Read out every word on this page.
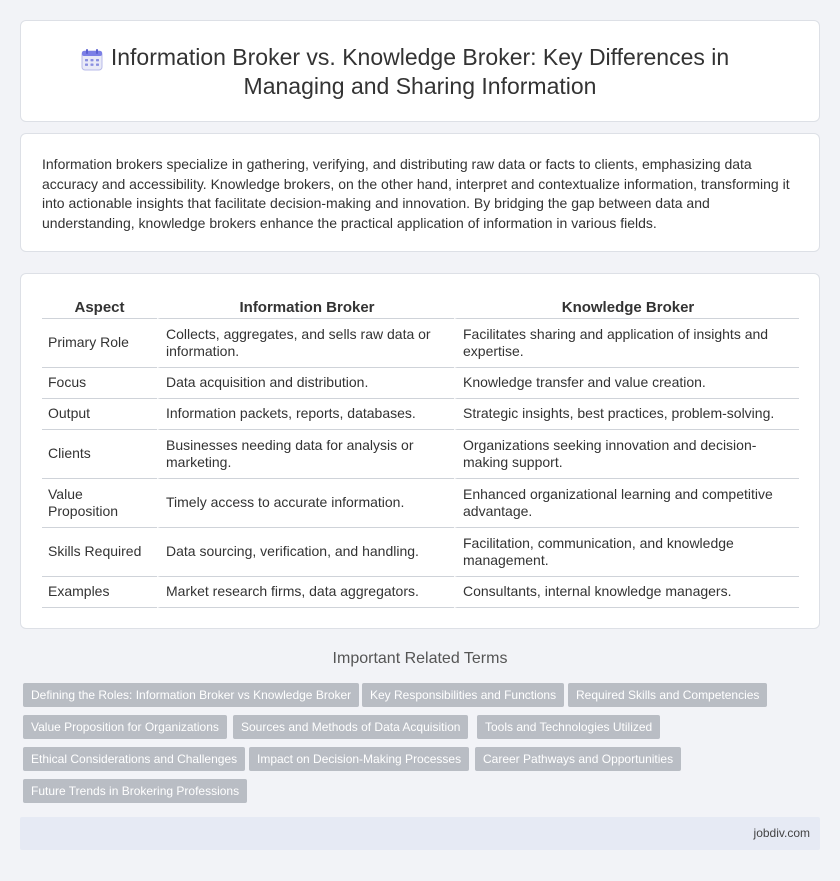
Information Broker vs. Knowledge Broker: Key Differences in Managing and Sharing Information

Information brokers specialize in gathering, verifying, and distributing raw data or facts to clients, emphasizing data accuracy and accessibility. Knowledge brokers, on the other hand, interpret and contextualize information, transforming it into actionable insights that facilitate decision-making and innovation. By bridging the gap between data and understanding, knowledge brokers enhance the practical application of information in various fields.

Aspect	Information Broker	Knowledge Broker
Primary Role	Collects, aggregates, and sells raw data or information.	Facilitates sharing and application of insights and expertise.
Focus	Data acquisition and distribution.	Knowledge transfer and value creation.
Output	Information packets, reports, databases.	Strategic insights, best practices, problem-solving.
Clients	Businesses needing data for analysis or marketing.	Organizations seeking innovation and decision-making support.
Value Proposition	Timely access to accurate information.	Enhanced organizational learning and competitive advantage.
Skills Required	Data sourcing, verification, and handling.	Facilitation, communication, and knowledge management.
Examples	Market research firms, data aggregators.	Consultants, internal knowledge managers.
Important Related Terms
Defining the Roles: Information Broker vs Knowledge Broker	Key Responsibilities and Functions	Required Skills and Competencies
Value Proposition for Organizations	Sources and Methods of Data Acquisition	Tools and Technologies Utilized
Ethical Considerations and Challenges	Impact on Decision-Making Processes	Career Pathways and Opportunities
Future Trends in Brokering Professions
jobdiv.com
